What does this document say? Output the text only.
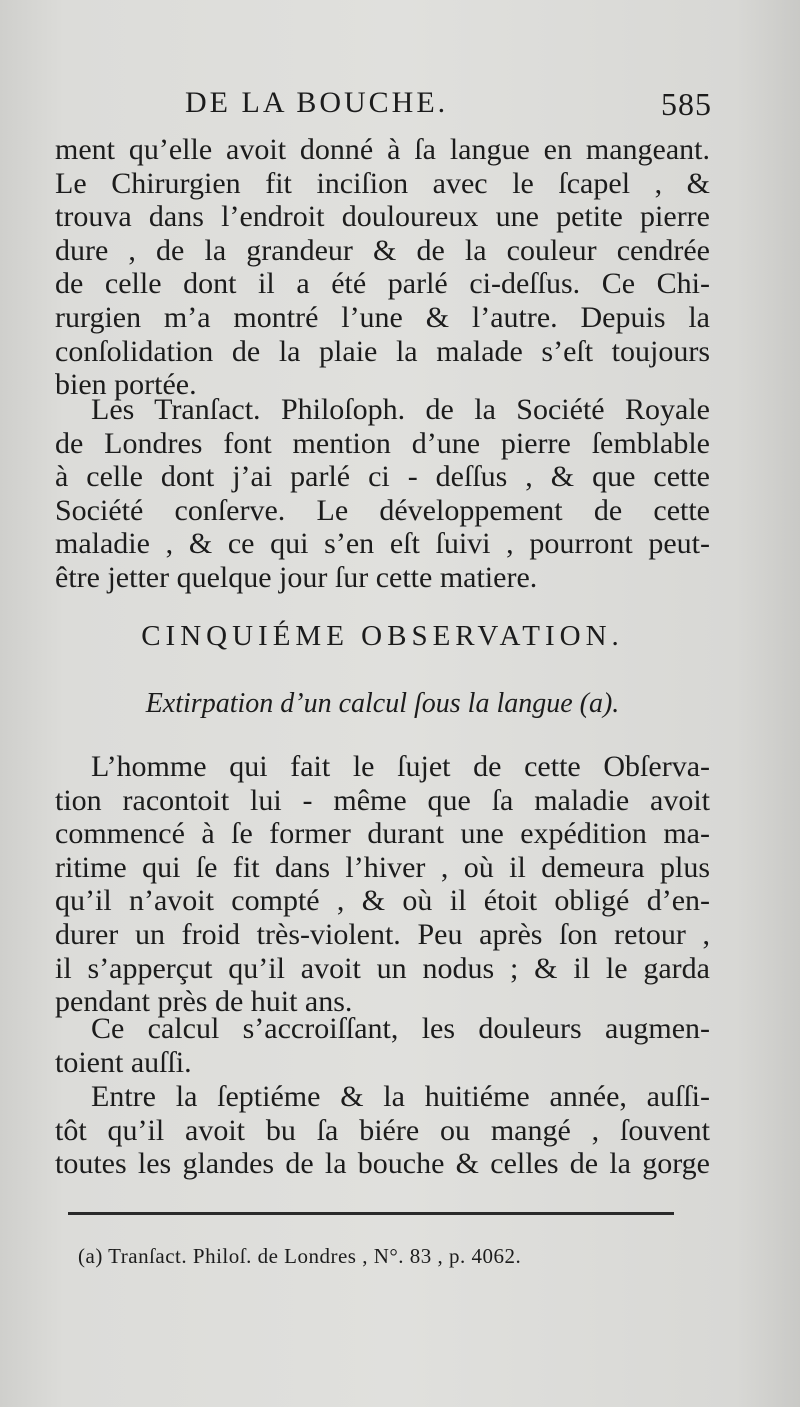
DE LA BOUCHE.	585

ment qu’elle avoit donné à ſa langue en mangeant.
Le Chirurgien fit inciſion avec le ſcapel , &
trouva dans l’endroit douloureux une petite pierre
dure , de la grandeur & de la couleur cendrée
de celle dont il a été parlé ci-deſſus. Ce Chi-
rurgien m’a montré l’une & l’autre. Depuis la
conſolidation de la plaie la malade s’eſt toujours
bien portée.

Les Tranſact. Philoſoph. de la Société Royale
de Londres font mention d’une pierre ſemblable
à celle dont j’ai parlé ci - deſſus , & que cette
Société conſerve. Le développement de cette
maladie , & ce qui s’en eſt ſuivi , pourront peut-
être jetter quelque jour ſur cette matiere.

CINQUIÉME OBSERVATION.
Extirpation d’un calcul ſous la langue (a).

L’homme qui fait le ſujet de cette Obſerva-
tion racontoit lui - même que ſa maladie avoit
commencé à ſe former durant une expédition ma-
ritime qui ſe fit dans l’hiver , où il demeura plus
qu’il n’avoit compté , & où il étoit obligé d’en-
durer un froid très-violent. Peu après ſon retour ,
il s’apperçut qu’il avoit un nodus ; & il le garda
pendant près de huit ans.

Ce calcul s’accroiſſant, les douleurs augmen-
toient auſſi.

Entre la ſeptiéme & la huitiéme année, auſſi-
tôt qu’il avoit bu ſa biére ou mangé , ſouvent
toutes les glandes de la bouche & celles de la gorge

(a) Tranſact. Philoſ. de Londres , N°. 83 , p. 4062.
